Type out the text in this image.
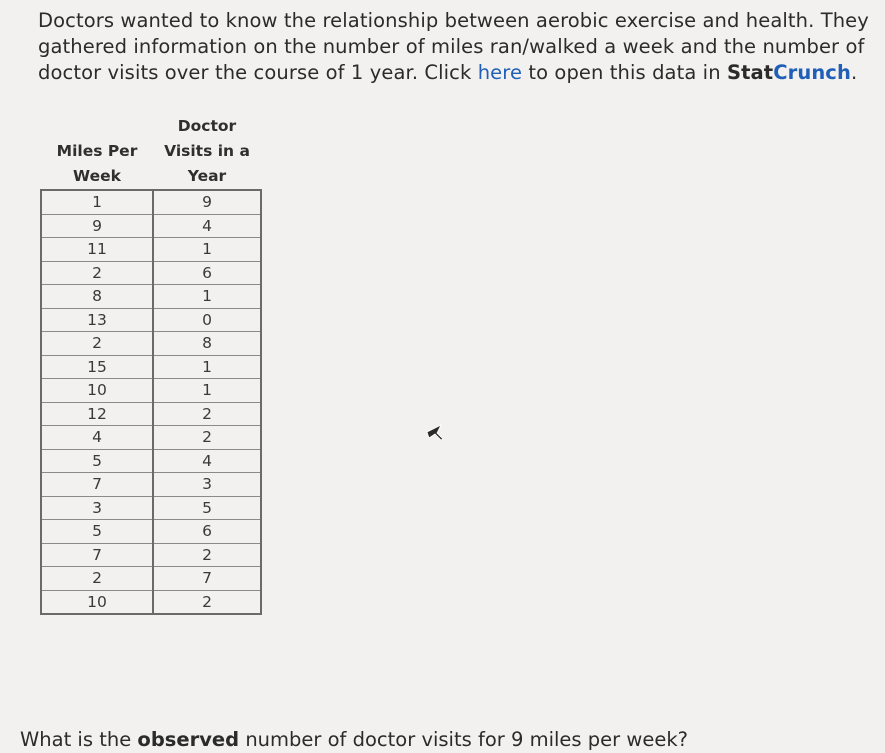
Doctors wanted to know the relationship between aerobic exercise and health. They gathered information on the number of miles ran/walked a week and the number of doctor visits over the course of 1 year. Click here to open this data in StatCrunch.
Miles Per Week	Doctor Visits in a Year
1	9
9	4
11	1
2	6
8	1
13	0
2	8
15	1
10	1
12	2
4	2
5	4
7	3
3	5
5	6
7	2
2	7
10	2
What is the observed number of doctor visits for 9 miles per week?
